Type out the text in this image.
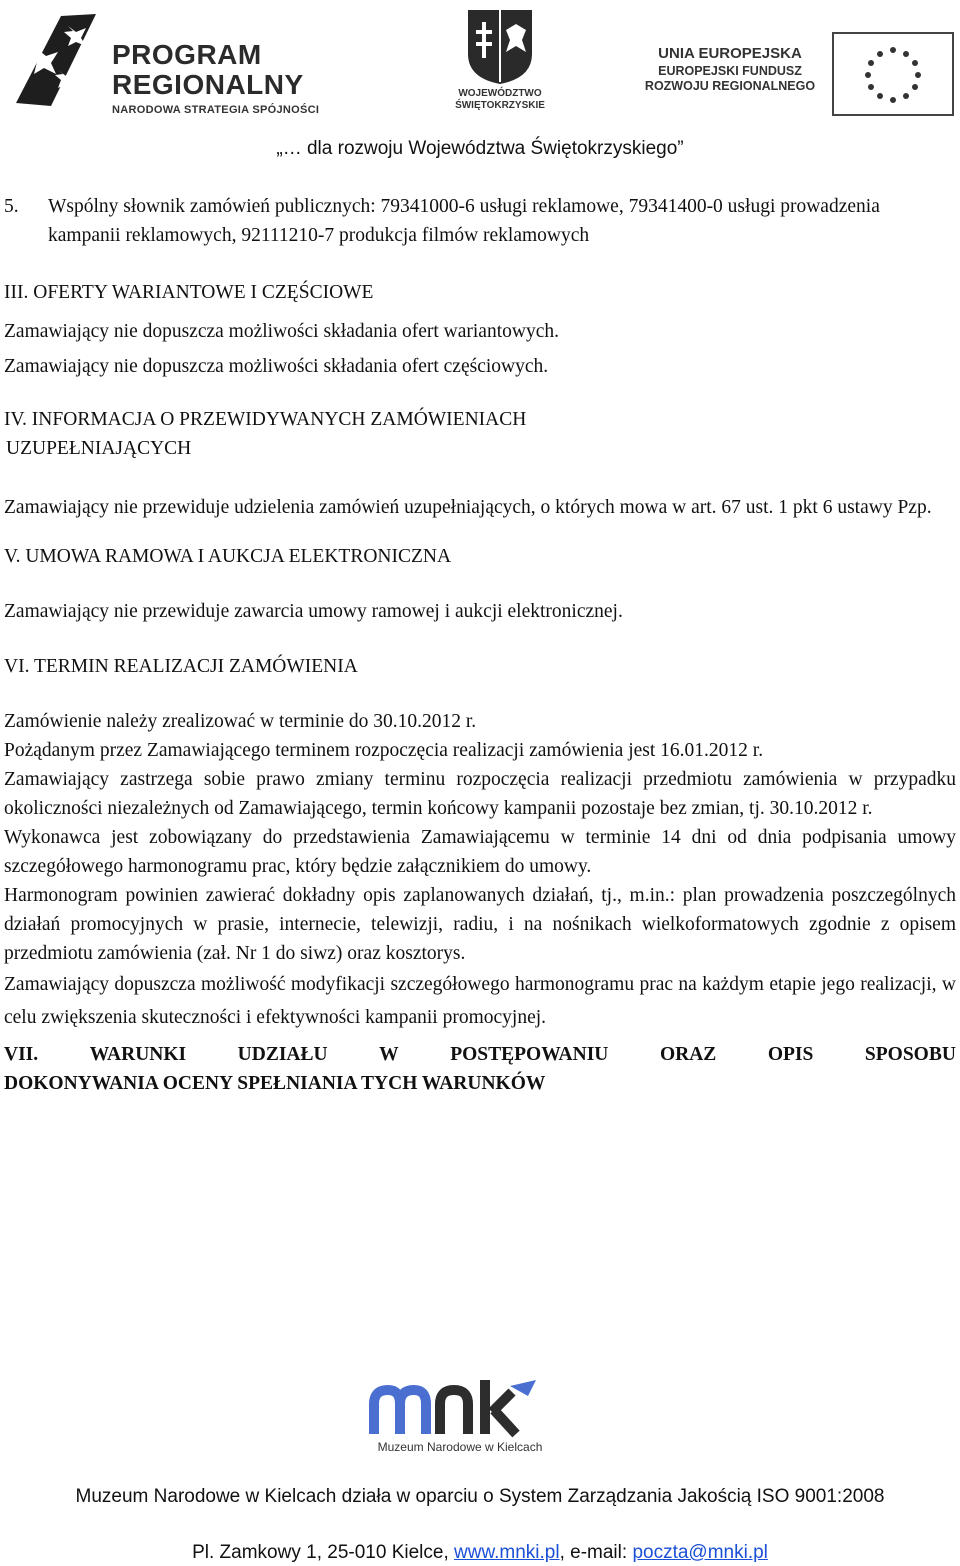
PROGRAM
REGIONALNY
NARODOWA STRATEGIA SPÓJNOŚCI
WOJEWÓDZTWO
ŚWIĘTOKRZYSKIE
UNIA EUROPEJSKA
EUROPEJSKI FUNDUSZ
ROZWOJU REGIONALNEGO
„… dla rozwoju Województwa Świętokrzyskiego”
5.	Wspólny słownik zamówień publicznych: 79341000-6 usługi reklamowe, 79341400-0 usługi prowadzenia kampanii reklamowych, 92111210-7 produkcja filmów reklamowych

III. OFERTY WARIANTOWE I CZĘŚCIOWE

Zamawiający nie dopuszcza możliwości składania ofert wariantowych.

Zamawiający nie dopuszcza możliwości składania ofert częściowych.

IV. INFORMACJA O PRZEWIDYWANYCH ZAMÓWIENIACH

UZUPEŁNIAJĄCYCH

Zamawiający nie przewiduje udzielenia zamówień uzupełniających, o których mowa w art. 67 ust. 1 pkt 6 ustawy Pzp.

V. UMOWA RAMOWA I AUKCJA ELEKTRONICZNA

Zamawiający nie przewiduje zawarcia umowy ramowej i aukcji elektronicznej.

VI. TERMIN REALIZACJI ZAMÓWIENIA

Zamówienie należy zrealizować w terminie do 30.10.2012 r.

Pożądanym przez Zamawiającego terminem rozpoczęcia realizacji zamówienia jest 16.01.2012 r.

Zamawiający zastrzega sobie prawo zmiany terminu rozpoczęcia realizacji przedmiotu zamówienia w przypadku okoliczności niezależnych od Zamawiającego, termin końcowy kampanii pozostaje bez zmian, tj. 30.10.2012 r.

Wykonawca jest zobowiązany do przedstawienia Zamawiającemu w terminie 14 dni od dnia podpisania umowy szczegółowego harmonogramu prac, który będzie załącznikiem do umowy.

Harmonogram powinien zawierać dokładny opis zaplanowanych działań, tj., m.in.: plan prowadzenia poszczególnych działań promocyjnych w prasie, internecie, telewizji, radiu, i na nośnikach wielkoformatowych zgodnie z opisem przedmiotu zamówienia (zał. Nr 1 do siwz) oraz kosztorys.

Zamawiający dopuszcza możliwość modyfikacji szczegółowego harmonogramu prac na każdym etapie jego realizacji, w celu zwiększenia skuteczności i efektywności kampanii promocyjnej.

VII.	WARUNKI	UDZIAŁU	W	POSTĘPOWANIU	ORAZ	OPIS	SPOSOBU
DOKONYWANIA OCENY SPEŁNIANIA TYCH WARUNKÓW
Muzeum Narodowe w Kielcach
Muzeum Narodowe w Kielcach działa w oparciu o System Zarządzania Jakością ISO 9001:2008
Pl. Zamkowy 1, 25-010 Kielce, www.mnki.pl, e-mail: poczta@mnki.pl
